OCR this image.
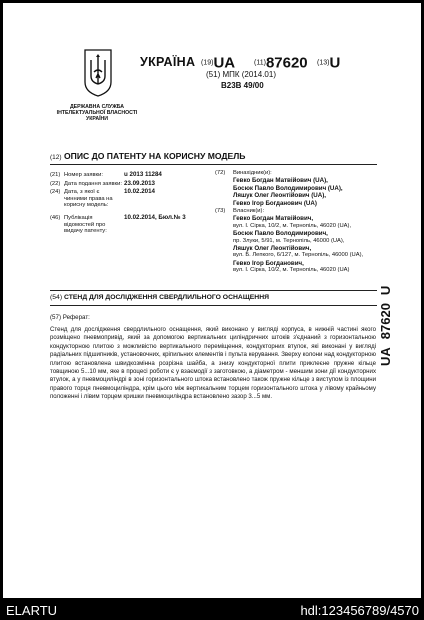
ДЕРЖАВНА СЛУЖБА ІНТЕЛЕКТУАЛЬНОЇ ВЛАСНОСТІ УКРАЇНИ
УКРАЇНА (19)UA	(11)87620 (13)U
(51) МПК (2014.01)
B23B 49/00
(12) ОПИС ДО ПАТЕНТУ НА КОРИСНУ МОДЕЛЬ
(21) Номер заявки:	u 2013 11284
(22) Дата подання заявки: 23.09.2013
(24) Дата, з якої є чинними права на корисну модель:10.02.2014
(46) Публікація відомостей про видачу патенту:10.02.2014, Бюл.№ 3
(72) Винахідник(и):
Гевко Богдан Матвійович (UA),
Босюк Павло Володимирович (UA),
Ляшук Олег Леонтійович (UA),
Гевко Ігор Богданович (UA)
(73) Власник(и):
Гевко Богдан Матвійович,
вул. І. Сірка, 10/2, м. Тернопіль, 46020 (UA),
Босюк Павло Володимирович,
пр. Злуки, 5/91, м. Тернопіль, 46000 (UA),
Ляшук Олег Леонтійович,
вул. Б. Лепкого, 6/127, м. Тернопіль, 46000 (UA),
Гевко Ігор Богданович,
вул. І. Сірка, 10/2, м. Тернопіль, 46020 (UA)
(54) СТЕНД ДЛЯ ДОСЛІДЖЕННЯ СВЕРДЛИЛЬНОГО ОСНАЩЕННЯ
(57) Реферат:
Стенд для дослідження свердлильного оснащення, який виконано у вигляді корпуса, в нижній частині якого розміщено пневмопривід, який за допомогою вертикальних циліндричних штоків з'єднаний з горизонтальною кондукторною плитою з можливістю вертикального переміщення, кондукторних втулок, які виконані у вигляді радіальних підшипників, установочних, кріпильних елементів і пульта керування. Зверху колони над кондукторною плитою встановлена швидкозмінна розрізна шайба, а знизу кондукторної плити приклеєне пружне кільце товщиною 5...10 мм, яке в процесі роботи є у взаємодії з заготовкою, а діаметром - меншим зони дії кондукторних втулок, а у пневмоциліндрі в зоні горизонтального штока встановлено також пружне кільце з виступом із площини правого торця пневмоциліндра, крім цього між вертикальним торцем горизонтального штока у лівому крайньому положенні і лівим торцем кришки пневмоциліндра встановлено зазор 3...5 мм.
UA87620U
ELARTU	hdl:123456789/4570
